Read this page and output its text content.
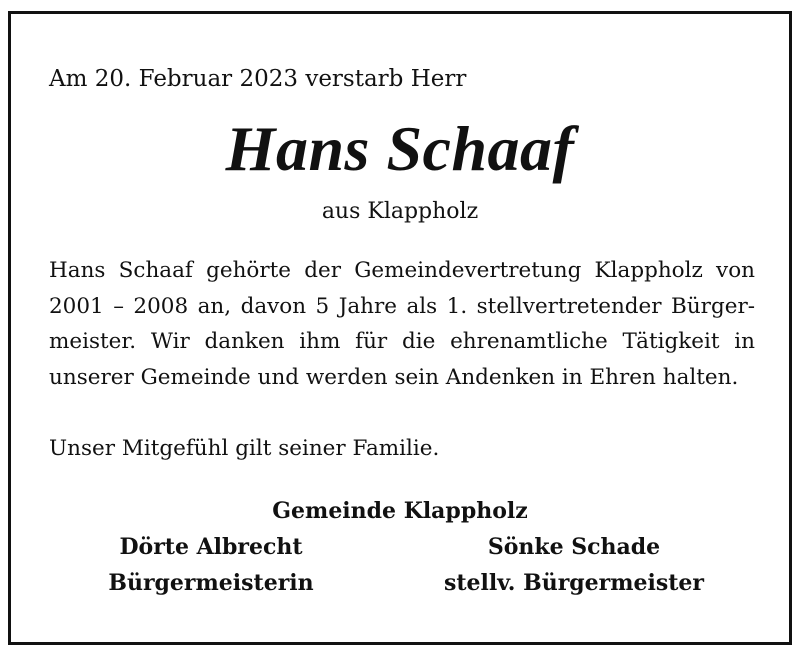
Am 20. Februar 2023 verstarb Herr
Hans Schaaf
aus Klappholz
Hans Schaaf gehörte der Gemeindevertretung Klappholz von 2001 – 2008 an, davon 5 Jahre als 1. stellvertretender Bürgermeister. Wir danken ihm für die ehrenamtliche Tätigkeit in unserer Gemeinde und werden sein Andenken in Ehren halten.
Unser Mitgefühl gilt seiner Familie.
Gemeinde Klappholz
Dörte Albrecht	Sönke Schade
Bürgermeisterin	stellv. Bürgermeister
